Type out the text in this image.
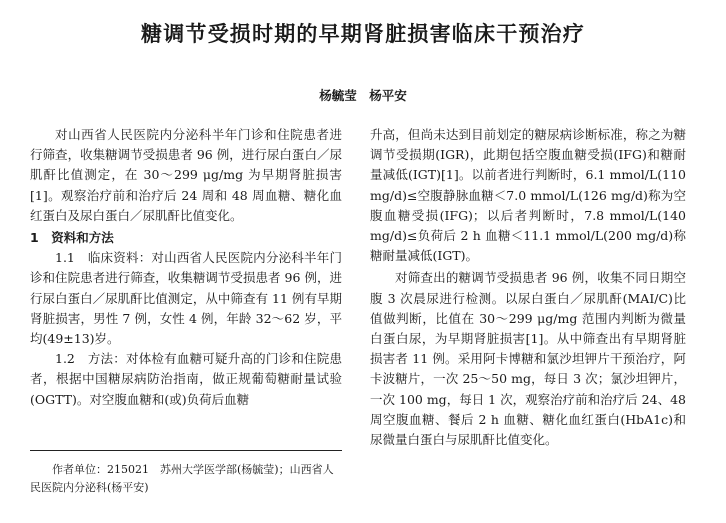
糖调节受损时期的早期肾脏损害临床干预治疗
杨毓莹　杨平安

对山西省人民医院内分泌科半年门诊和住院患者进行筛查，收集糖调节受损患者 96 例，进行尿白蛋白／尿肌酐比值测定，在 30～299 μg/mg 为早期肾脏损害[1]。观察治疗前和治疗后 24 周和 48 周血糖、糖化血红蛋白及尿白蛋白／尿肌酐比值变化。

1　资料和方法

1.1　临床资料：对山西省人民医院内分泌科半年门诊和住院患者进行筛查，收集糖调节受损患者 96 例，进行尿白蛋白／尿肌酐比值测定，从中筛查有 11 例有早期肾脏损害，男性 7 例，女性 4 例，年龄 32～62 岁，平均(49±13)岁。

1.2　方法：对体检有血糖可疑升高的门诊和住院患者，根据中国糖尿病防治指南，做正规葡萄糖耐量试验(OGTT)。对空腹血糖和(或)负荷后血糖

升高，但尚未达到目前划定的糖尿病诊断标准，称之为糖调节受损期(IGR)，此期包括空腹血糖受损(IFG)和糖耐量减低(IGT)[1]。以前者进行判断时，6.1 mmol/L(110 mg/d)≤空腹静脉血糖＜7.0 mmol/L(126 mg/d)称为空腹血糖受损(IFG)；以后者判断时，7.8 mmol/L(140 mg/d)≤负荷后 2 h 血糖＜11.1 mmol/L(200 mg/d)称糖耐量减低(IGT)。

对筛查出的糖调节受损患者 96 例，收集不同日期空腹 3 次晨尿进行检测。以尿白蛋白／尿肌酐(MAI/C)比值做判断，比值在 30～299 μg/mg 范围内判断为微量白蛋白尿，为早期肾脏损害[1]。从中筛查出有早期肾脏损害者 11 例。采用阿卡博糖和氯沙坦钾片干预治疗，阿卡波糖片，一次 25～50 mg，每日 3 次；氯沙坦钾片，一次 100 mg，每日 1 次，观察治疗前和治疗后 24、48 周空腹血糖、餐后 2 h 血糖、糖化血红蛋白(HbA1c)和尿微量白蛋白与尿肌酐比值变化。

作者单位：215021　苏州大学医学部(杨毓莹)；山西省人民医院内分泌科(杨平安)
